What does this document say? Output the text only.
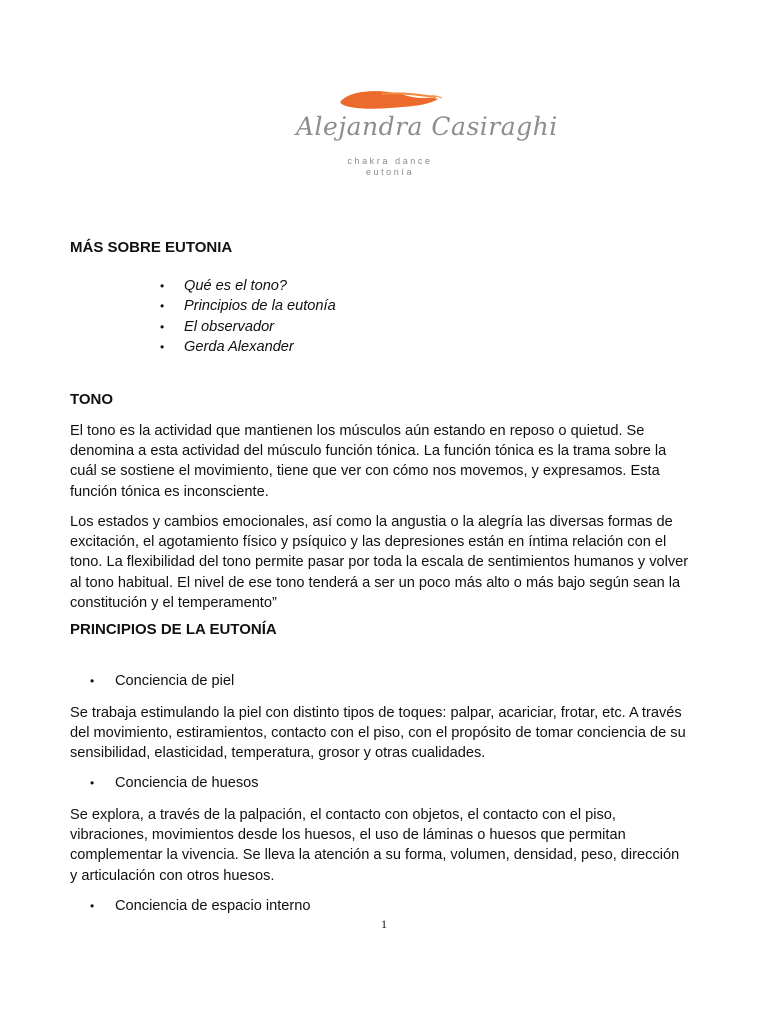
Alejandra Casiraghi
chakra dance
eutonía
MÁS SOBRE EUTONIA
• Qué es el tono?
• Principios de la eutonía
• El observador
• Gerda Alexander
TONO

El tono es la actividad que mantienen los músculos aún estando en reposo o quietud. Se denomina a esta actividad del músculo función tónica. La función tónica es la trama sobre la cuál se sostiene el movimiento, tiene que ver con cómo nos movemos, y expresamos. Esta función tónica es inconsciente.

Los estados y cambios emocionales, así como la angustia o la alegría las diversas formas de excitación, el agotamiento físico y psíquico y las depresiones están en íntima relación con el tono. La flexibilidad del tono permite pasar por toda la escala de sentimientos humanos y volver al tono habitual. El nivel de ese tono tenderá a ser un poco más alto o más bajo según sean la constitución y el temperamento”

PRINCIPIOS DE LA EUTONÍA

• Conciencia de piel

Se trabaja estimulando la piel con distinto tipos de toques: palpar, acariciar, frotar, etc. A través del movimiento, estiramientos, contacto con el piso, con el propósito de tomar conciencia de su sensibilidad, elasticidad, temperatura, grosor y otras cualidades.

• Conciencia de huesos

Se explora, a través de la palpación, el contacto con objetos, el contacto con el piso, vibraciones, movimientos desde los huesos, el uso de láminas o huesos que permitan complementar la vivencia. Se lleva la atención a su forma, volumen, densidad, peso, dirección y articulación con otros huesos.

• Conciencia de espacio interno

1
